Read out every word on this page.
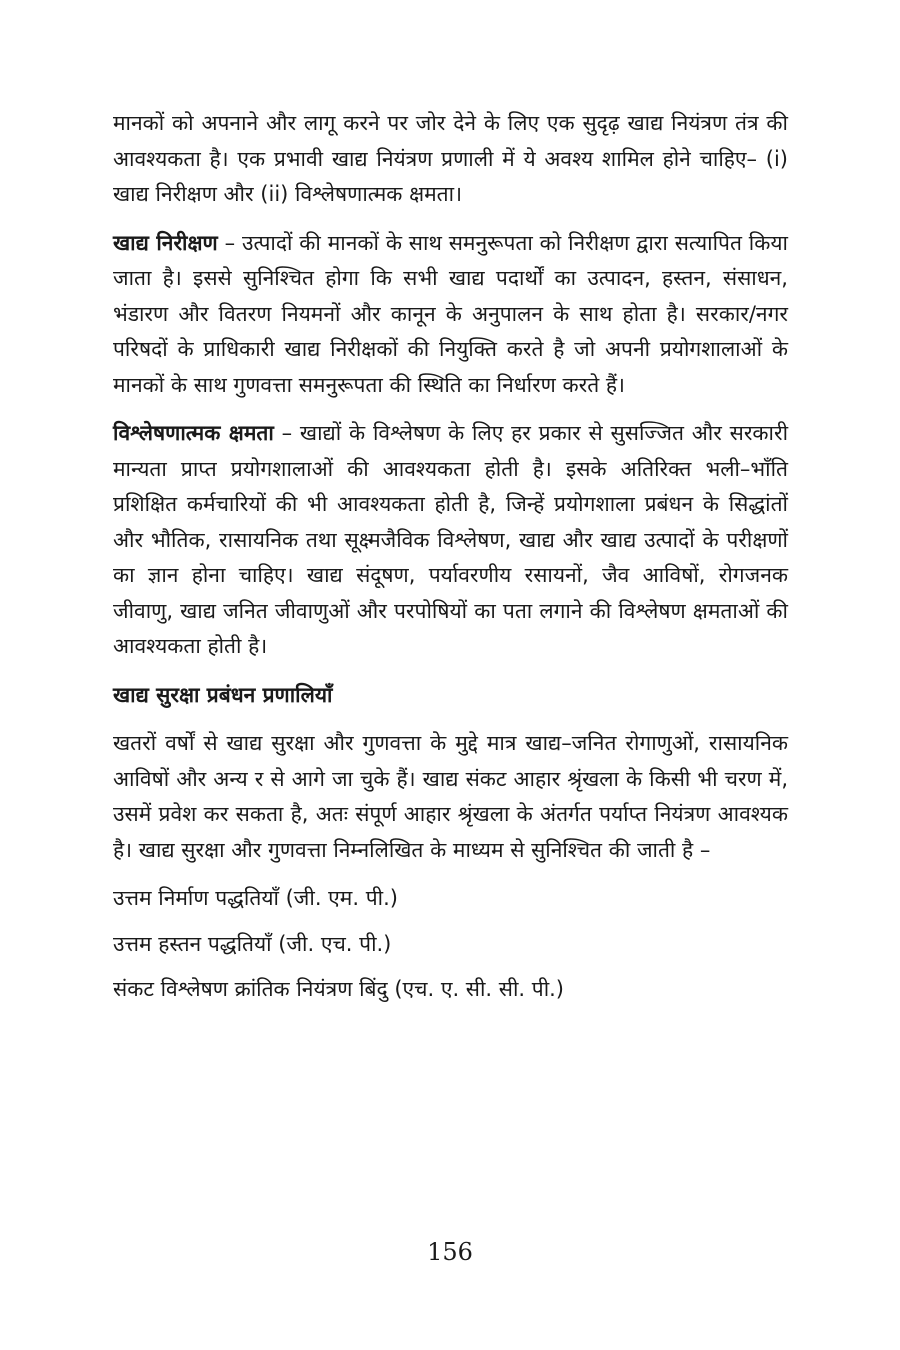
मानकों को अपनाने और लागू करने पर जोर देने के लिए एक सुदृढ़ खाद्य नियंत्रण तंत्र की आवश्यकता है। एक प्रभावी खाद्य नियंत्रण प्रणाली में ये अवश्य शामिल होने चाहिए– (i) खाद्य निरीक्षण और (ii) विश्लेषणात्मक क्षमता।

खाद्य निरीक्षण – उत्पादों की मानकों के साथ समनुरूपता को निरीक्षण द्वारा सत्यापित किया जाता है। इससे सुनिश्चित होगा कि सभी खाद्य पदार्थों का उत्पादन, हस्तन, संसाधन, भंडारण और वितरण नियमनों और कानून के अनुपालन के साथ होता है। सरकार/नगर परिषदों के प्राधिकारी खाद्य निरीक्षकों की नियुक्ति करते है जो अपनी प्रयोगशालाओं के मानकों के साथ गुणवत्ता समनुरूपता की स्थिति का निर्धारण करते हैं।

विश्लेषणात्मक क्षमता – खाद्यों के विश्लेषण के लिए हर प्रकार से सुसज्जित और सरकारी मान्यता प्राप्त प्रयोगशालाओं की आवश्यकता होती है। इसके अतिरिक्त भली–भाँति प्रशिक्षित कर्मचारियों की भी आवश्यकता होती है, जिन्हें प्रयोगशाला प्रबंधन के सिद्धांतों और भौतिक, रासायनिक तथा सूक्ष्मजैविक विश्लेषण, खाद्य और खाद्य उत्पादों के परीक्षणों का ज्ञान होना चाहिए। खाद्य संदूषण, पर्यावरणीय रसायनों, जैव आविषों, रोगजनक जीवाणु, खाद्य जनित जीवाणुओं और परपोषियों का पता लगाने की विश्लेषण क्षमताओं की आवश्यकता होती है।

खाद्य सुरक्षा प्रबंधन प्रणालियाँ

खतरों वर्षों से खाद्य सुरक्षा और गुणवत्ता के मुद्दे मात्र खाद्य–जनित रोगाणुओं, रासायनिक आविषों और अन्य र से आगे जा चुके हैं। खाद्य संकट आहार श्रृंखला के किसी भी चरण में, उसमें प्रवेश कर सकता है, अतः संपूर्ण आहार श्रृंखला के अंतर्गत पर्याप्त नियंत्रण आवश्यक है। खाद्य सुरक्षा और गुणवत्ता निम्नलिखित के माध्यम से सुनिश्चित की जाती है –

उत्तम निर्माण पद्धतियाँ (जी. एम. पी.)
उत्तम हस्तन पद्धतियाँ (जी. एच. पी.)
संकट विश्लेषण क्रांतिक नियंत्रण बिंदु (एच. ए. सी. सी. पी.)
156
